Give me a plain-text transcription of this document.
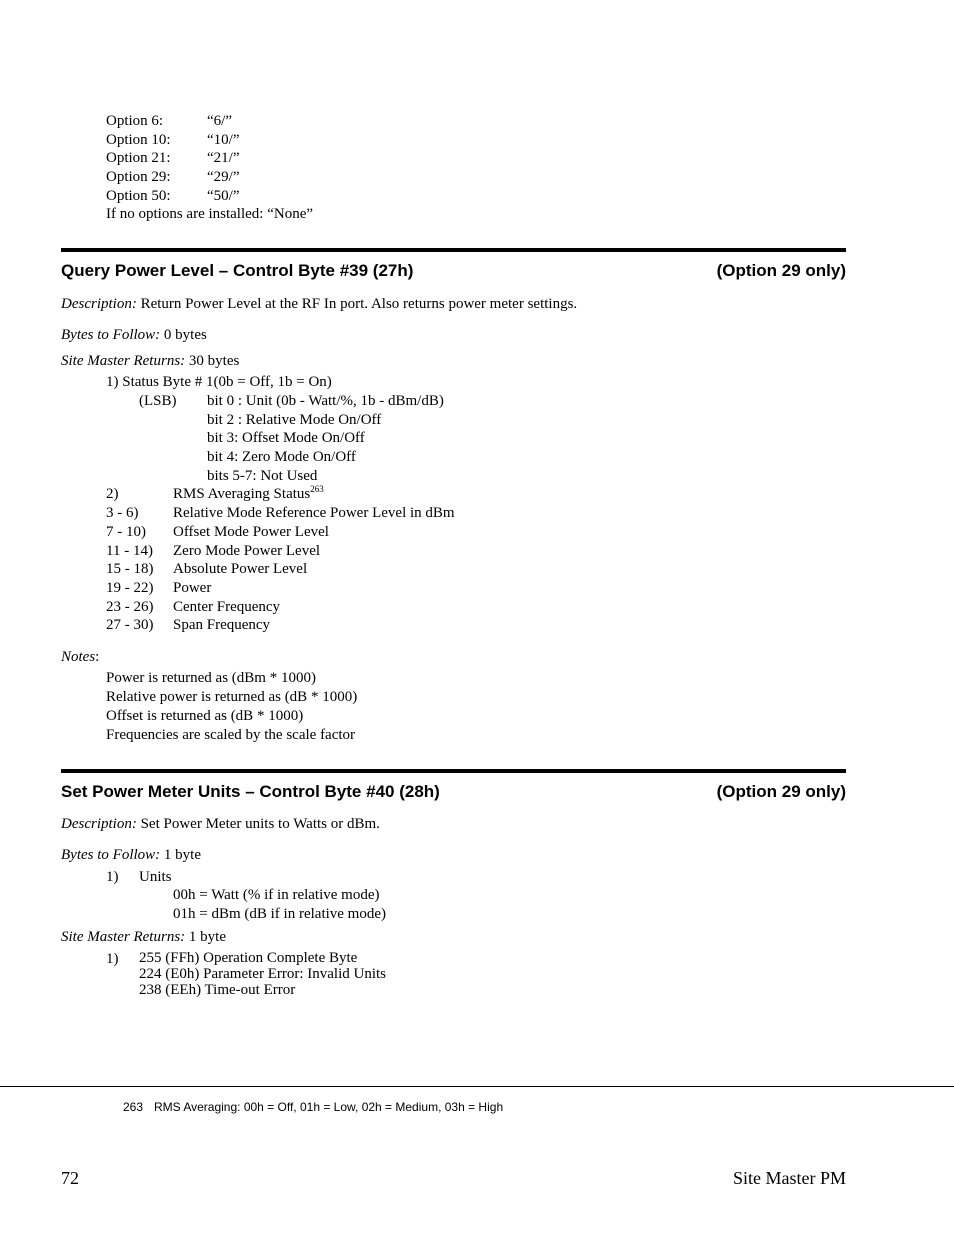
Option 6:	“6/”
Option 10: “10/”
Option 21: “21/”
Option 29: “29/”
Option 50: “50/”
If no options are installed: “None”
Query Power Level – Control Byte #39 (27h)	(Option 29 only)
Description: Return Power Level at the RF In port. Also returns power meter settings.
Bytes to Follow: 0 bytes
Site Master Returns: 30 bytes
1) Status Byte # 1(0b = Off, 1b = On)
(LSB) bit 0 : Unit (0b - Watt/%, 1b - dBm/dB)
bit 2 : Relative Mode On/Off
bit 3: Offset Mode On/Off
bit 4: Zero Mode On/Off
bits 5-7: Not Used
2)	RMS Averaging Status$^{263}$
3 - 6) Relative Mode Reference Power Level in dBm
7 - 10) Offset Mode Power Level
11 - 14) Zero Mode Power Level
15 - 18) Absolute Power Level
19 - 22) Power
23 - 26) Center Frequency
27 - 30) Span Frequency
Notes:
Power is returned as (dBm * 1000)
Relative power is returned as (dB * 1000)
Offset is returned as (dB * 1000)
Frequencies are scaled by the scale factor
Set Power Meter Units – Control Byte #40 (28h)	(Option 29 only)
Description: Set Power Meter units to Watts or dBm.
Bytes to Follow: 1 byte
1) Units
00h = Watt (% if in relative mode)
01h = dBm (dB if in relative mode)
Site Master Returns: 1 byte
1) 255 (FFh) Operation Complete Byte
224 (E0h) Parameter Error: Invalid Units
238 (EEh) Time-out Error
263 RMS Averaging: 00h = Off, 01h = Low, 02h = Medium, 03h = High
72	Site Master PM
